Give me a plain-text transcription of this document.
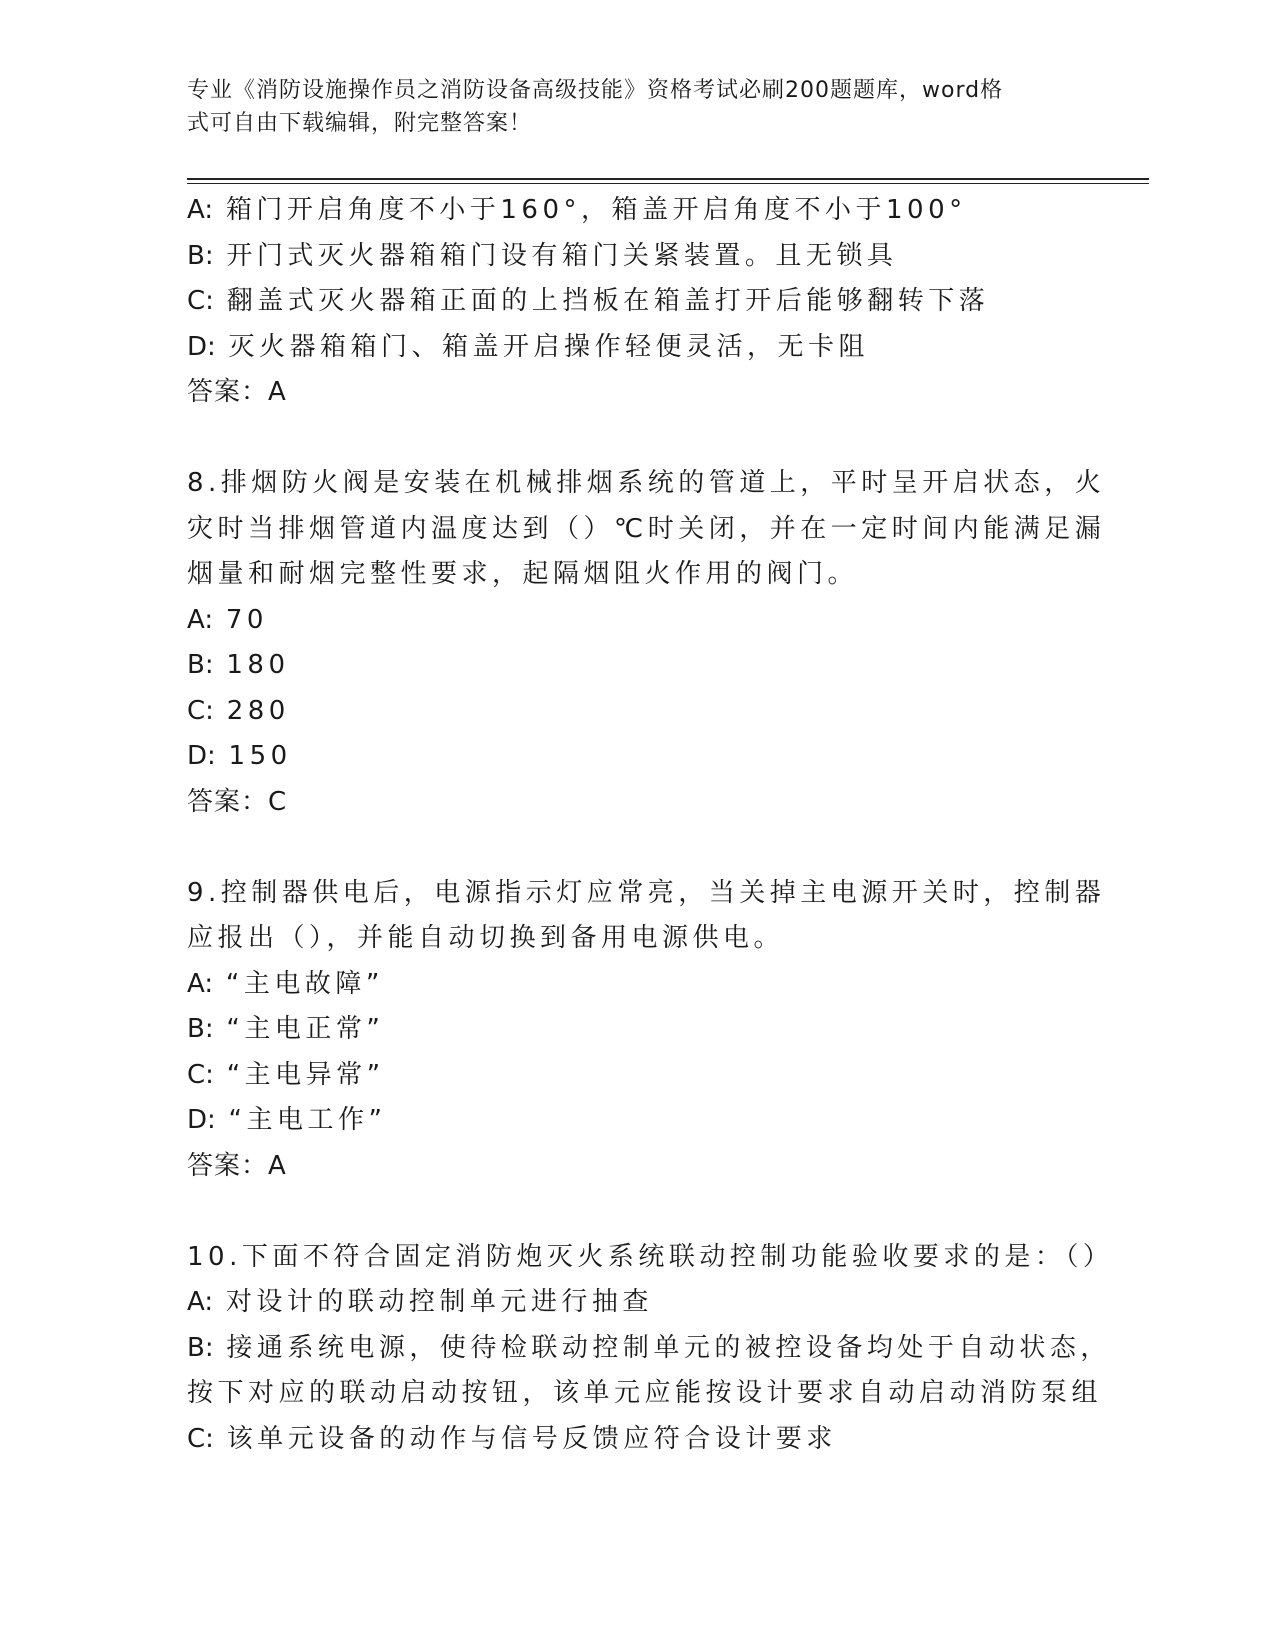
专业《消防设施操作员之消防设备高级技能》资格考试必刷200题题库，word格
式可自由下载编辑，附完整答案！
A: 箱门开启角度不小于160°，箱盖开启角度不小于100°
B: 开门式灭火器箱箱门设有箱门关紧装置。且无锁具
C: 翻盖式灭火器箱正面的上挡板在箱盖打开后能够翻转下落
D: 灭火器箱箱门、箱盖开启操作轻便灵活，无卡阻
答案：A
8.排烟防火阀是安装在机械排烟系统的管道上，平时呈开启状态，火
灾时当排烟管道内温度达到（）℃时关闭，并在一定时间内能满足漏
烟量和耐烟完整性要求，起隔烟阻火作用的阀门。
A: 70
B: 180
C: 280
D: 150
答案：C
9.控制器供电后，电源指示灯应常亮，当关掉主电源开关时，控制器
应报出（），并能自动切换到备用电源供电。
A: “主电故障”
B: “主电正常”
C: “主电异常”
D: “主电工作”
答案：A
10.下面不符合固定消防炮灭火系统联动控制功能验收要求的是：（）
A: 对设计的联动控制单元进行抽查
B: 接通系统电源，使待检联动控制单元的被控设备均处于自动状态，
按下对应的联动启动按钮，该单元应能按设计要求自动启动消防泵组
C: 该单元设备的动作与信号反馈应符合设计要求
